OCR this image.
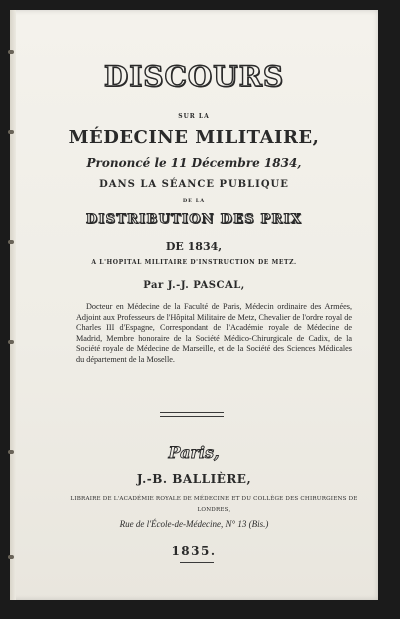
DISCOURS
SUR LA
MÉDECINE MILITAIRE,
Prononcé le 11 Décembre 1834,
DANS LA SÉANCE PUBLIQUE
DE LA
DISTRIBUTION DES PRIX
DE 1834,
A L'HOPITAL MILITAIRE D'INSTRUCTION DE METZ.
Par J.-J. PASCAL,
Docteur en Médecine de la Faculté de Paris, Médecin ordinaire des Armées, Adjoint aux Professeurs de l'Hôpital Militaire de Metz, Chevalier de l'ordre royal de Charles III d'Espagne, Correspondant de l'Académie royale de Médecine de Madrid, Membre honoraire de la Société Médico-Chirurgicale de Cadix, de la Société royale de Médecine de Marseille, et de la Société des Sciences Médicales du département de la Moselle.
Paris,
J.-B. BALLIÈRE,
LIBRAIRE DE L'ACADÉMIE ROYALE DE MÉDECINE ET DU COLLÈGE DES CHIRURGIENS DE LONDRES,
Rue de l'École-de-Médecine, N° 13 (Bis.)
1835.
